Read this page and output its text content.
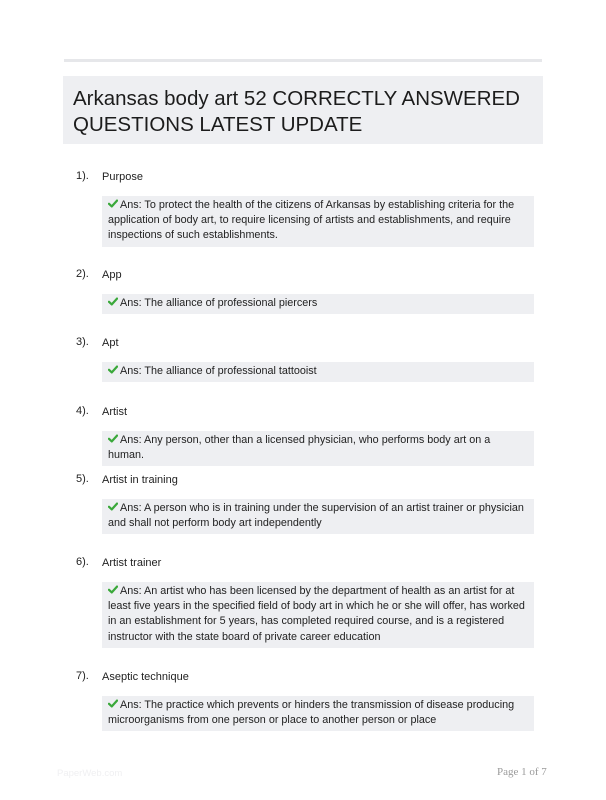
Arkansas body art 52 CORRECTLY ANSWERED QUESTIONS LATEST UPDATE
1). Purpose
Ans: To protect the health of the citizens of Arkansas by establishing criteria for the application of body art, to require licensing of artists and establishments, and require inspections of such establishments.
2). App
Ans: The alliance of professional piercers
3). Apt
Ans: The alliance of professional tattooist
4). Artist
Ans: Any person, other than a licensed physician, who performs body art on a human.
5). Artist in training
Ans: A person who is in training under the supervision of an artist trainer or physician and shall not perform body art independently
6). Artist trainer
Ans: An artist who has been licensed by the department of health as an artist for at least five years in the specified field of body art in which he or she will offer, has worked in an establishment for 5 years, has completed required course, and is a registered instructor with the state board of private career education
7). Aseptic technique
Ans: The practice which prevents or hinders the transmission of disease producing microorganisms from one person or place to another person or place
PaperWeb.com	Page 1 of 7
